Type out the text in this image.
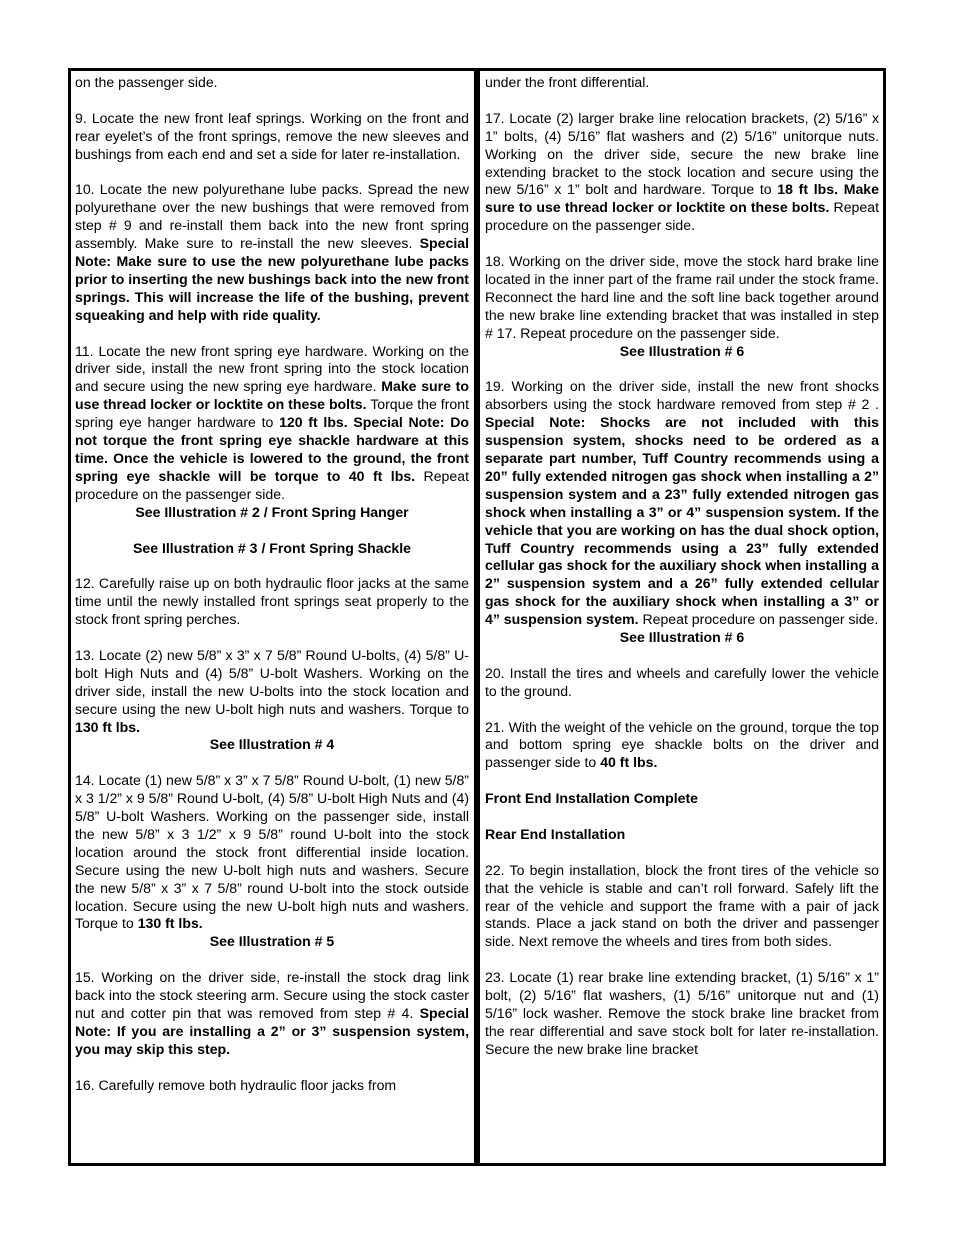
on the passenger side.

9. Locate the new front leaf springs. Working on the front and rear eyelet’s of the front springs, remove the new sleeves and bushings from each end and set a side for later re-installation.

10. Locate the new polyurethane lube packs. Spread the new polyurethane over the new bushings that were removed from step # 9 and re-install them back into the new front spring assembly. Make sure to re-install the new sleeves. Special Note: Make sure to use the new polyurethane lube packs prior to inserting the new bushings back into the new front springs. This will increase the life of the bushing, prevent squeaking and help with ride quality.

11. Locate the new front spring eye hardware. Working on the driver side, install the new front spring into the stock location and secure using the new spring eye hardware. Make sure to use thread locker or locktite on these bolts. Torque the front spring eye hanger hardware to 120 ft lbs. Special Note: Do not torque the front spring eye shackle hardware at this time. Once the vehicle is lowered to the ground, the front spring eye shackle will be torque to 40 ft lbs. Repeat procedure on the passenger side.

See Illustration # 2 / Front Spring Hanger

See Illustration # 3 / Front Spring Shackle

12. Carefully raise up on both hydraulic floor jacks at the same time until the newly installed front springs seat properly to the stock front spring perches.

13. Locate (2) new 5/8” x 3” x 7 5/8” Round U-bolts, (4) 5/8” U-bolt High Nuts and (4) 5/8” U-bolt Washers. Working on the driver side, install the new U-bolts into the stock location and secure using the new U-bolt high nuts and washers. Torque to 130 ft lbs.

See Illustration # 4

14. Locate (1) new 5/8” x 3” x 7 5/8” Round U-bolt, (1) new 5/8” x 3 1/2” x 9 5/8” Round U-bolt, (4) 5/8” U-bolt High Nuts and (4) 5/8” U-bolt Washers. Working on the passenger side, install the new 5/8” x 3 1/2” x 9 5/8” round U-bolt into the stock location around the stock front differential inside location. Secure using the new U-bolt high nuts and washers. Secure the new 5/8” x 3” x 7 5/8” round U-bolt into the stock outside location. Secure using the new U-bolt high nuts and washers. Torque to 130 ft lbs.

See Illustration # 5

15. Working on the driver side, re-install the stock drag link back into the stock steering arm. Secure using the stock caster nut and cotter pin that was removed from step # 4. Special Note: If you are installing a 2” or 3” suspension system, you may skip this step.

16. Carefully remove both hydraulic floor jacks from

under the front differential.

17. Locate (2) larger brake line relocation brackets, (2) 5/16” x 1” bolts, (4) 5/16” flat washers and (2) 5/16” unitorque nuts. Working on the driver side, secure the new brake line extending bracket to the stock location and secure using the new 5/16” x 1” bolt and hardware. Torque to 18 ft lbs. Make sure to use thread locker or locktite on these bolts. Repeat procedure on the passenger side.

18. Working on the driver side, move the stock hard brake line located in the inner part of the frame rail under the stock frame. Reconnect the hard line and the soft line back together around the new brake line extending bracket that was installed in step # 17. Repeat procedure on the passenger side.

See Illustration # 6

19. Working on the driver side, install the new front shocks absorbers using the stock hardware removed from step # 2 . Special Note: Shocks are not included with this suspension system, shocks need to be ordered as a separate part number, Tuff Country recommends using a 20” fully extended nitrogen gas shock when installing a 2” suspension system and a 23” fully extended nitrogen gas shock when installing a 3” or 4” suspension system. If the vehicle that you are working on has the dual shock option, Tuff Country recommends using a 23” fully extended cellular gas shock for the auxiliary shock when installing a 2” suspension system and a 26” fully extended cellular gas shock for the auxiliary shock when installing a 3” or 4” suspension system. Repeat procedure on passenger side.

See Illustration # 6

20. Install the tires and wheels and carefully lower the vehicle to the ground.

21. With the weight of the vehicle on the ground, torque the top and bottom spring eye shackle bolts on the driver and passenger side to 40 ft lbs.

Front End Installation Complete

Rear End Installation

22. To begin installation, block the front tires of the vehicle so that the vehicle is stable and can’t roll forward. Safely lift the rear of the vehicle and support the frame with a pair of jack stands. Place a jack stand on both the driver and passenger side. Next remove the wheels and tires from both sides.

23. Locate (1) rear brake line extending bracket, (1) 5/16” x 1” bolt, (2) 5/16” flat washers, (1) 5/16” unitorque nut and (1) 5/16” lock washer. Remove the stock brake line bracket from the rear differential and save stock bolt for later re-installation. Secure the new brake line bracket
